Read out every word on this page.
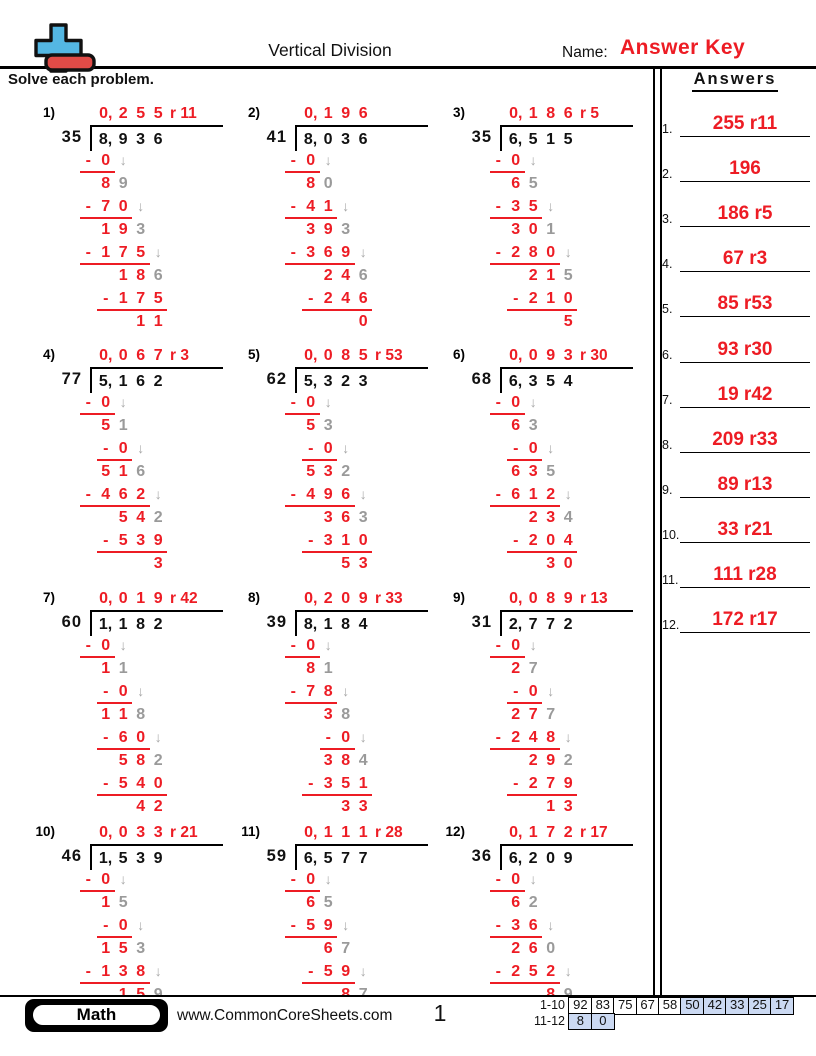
Vertical Division	Name: Answer Key
Solve each problem.	Answers
1.	255 r11
2.	196
3.	186 r5
4.	67 r3
5.	85 r53
6.	93 r30
7.	19 r42
8.	209 r33
9.	89 r13
10.	33 r21
11.	111 r28
12.	172 r17
1)	0, 2 5 5 r 11
35	8, 9 3 6
- 0 ↓
8 9
- 7 0 ↓
1 9 3
- 1 7 5 ↓
1 8 6
- 1 7 5
1 1
2)	0, 1 9 6
41	8, 0 3 6
- 0 ↓
8 0
- 4 1 ↓
3 9 3
- 3 6 9 ↓
2 4 6
- 2 4 6
0
3)	0, 1 8 6 r 5
35	6, 5 1 5
- 0 ↓
6 5
- 3 5 ↓
3 0 1
- 2 8 0 ↓
2 1 5
- 2 1 0
5
4)	0, 0 6 7 r 3
77	5, 1 6 2
- 0 ↓
5 1
- 0 ↓
5 1 6
- 4 6 2 ↓
5 4 2
- 5 3 9
3
5)	0, 0 8 5 r 53
62	5, 3 2 3
- 0 ↓
5 3
- 0 ↓
5 3 2
- 4 9 6 ↓
3 6 3
- 3 1 0
5 3
6)	0, 0 9 3 r 30
68	6, 3 5 4
- 0 ↓
6 3
- 0 ↓
6 3 5
- 6 1 2 ↓
2 3 4
- 2 0 4
3 0
7)	0, 0 1 9 r 42
60	1, 1 8 2
- 0 ↓
1 1
- 0 ↓
1 1 8
- 6 0 ↓
5 8 2
- 5 4 0
4 2
8)	0, 2 0 9 r 33
39	8, 1 8 4
- 0 ↓
8 1
- 7 8 ↓
3 8
- 0 ↓
3 8 4
- 3 5 1
3 3
9)	0, 0 8 9 r 13
31	2, 7 7 2
- 0 ↓
2 7
- 0 ↓
2 7 7
- 2 4 8 ↓
2 9 2
- 2 7 9
1 3
10)	0, 0 3 3 r 21
46	1, 5 3 9
- 0 ↓
1 5
- 0 ↓
1 5 3
- 1 3 8 ↓
11)	0, 1 1 1 r 28
59	6, 5 7 7
- 0 ↓
6 5
- 5 9 ↓
6 7
- 5 9 ↓
12)	0, 1 7 2 r 17
36	6, 2 0 9
- 0 ↓
6 2
- 3 6 ↓
2 6 0
- 2 5 2 ↓
Math	www.CommonCoreSheets.com	1	1-10 92 83 75 67 58 50 42 33 25 17
11-12 8	0
